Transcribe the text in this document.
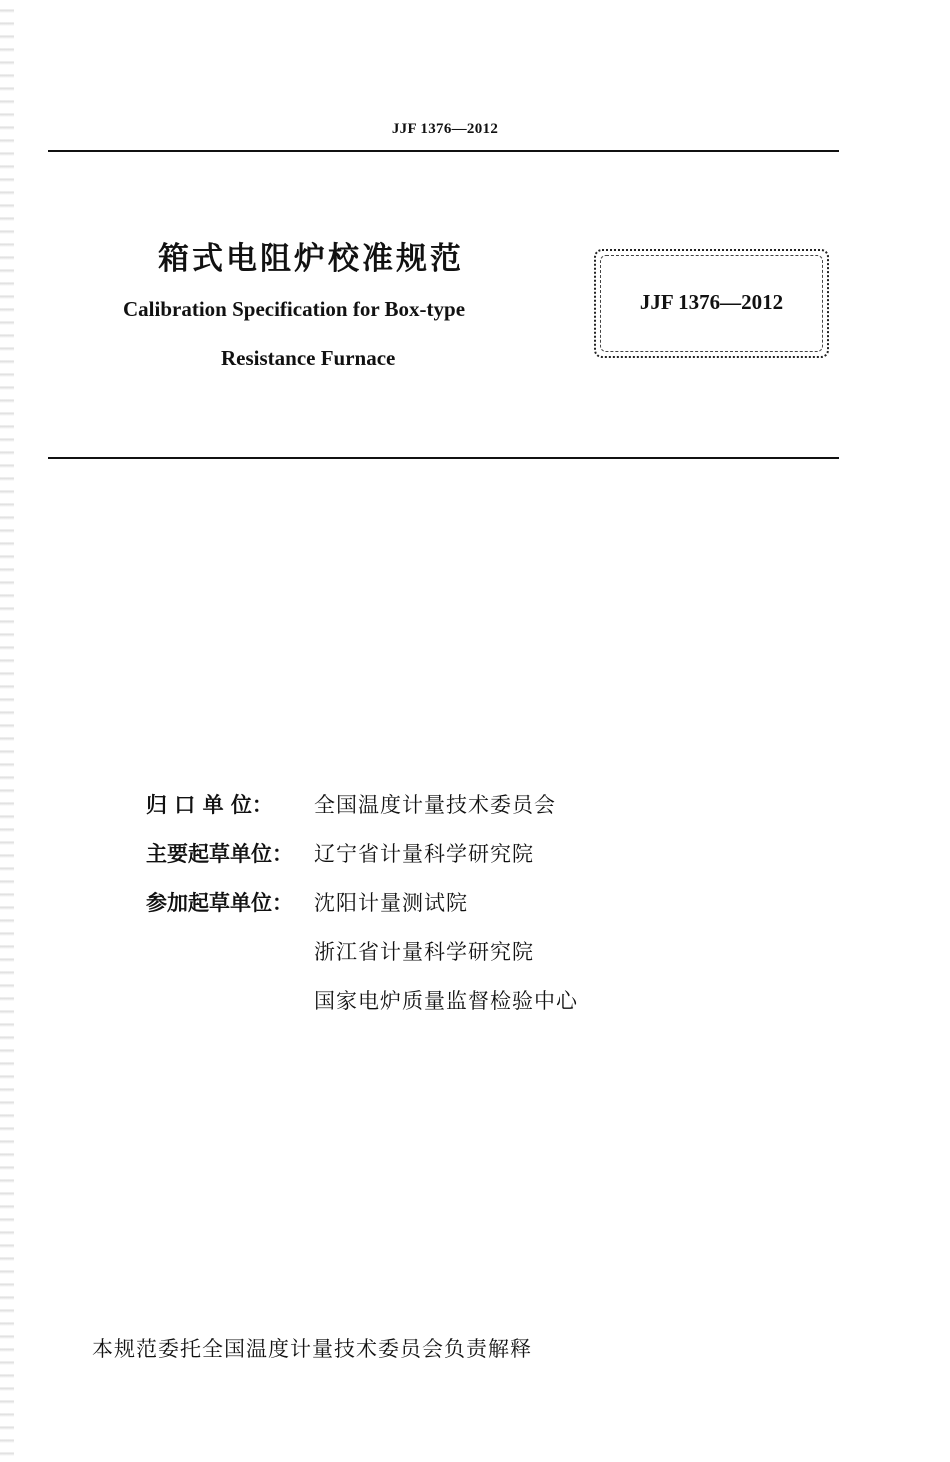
JJF 1376—2012
箱式电阻炉校准规范
Calibration Specification for Box-type
Resistance Furnace
JJF 1376—2012
归 口 单 位： 全国温度计量技术委员会
主要起草单位： 辽宁省计量科学研究院
参加起草单位： 沈阳计量测试院
浙江省计量科学研究院
国家电炉质量监督检验中心
本规范委托全国温度计量技术委员会负责解释
